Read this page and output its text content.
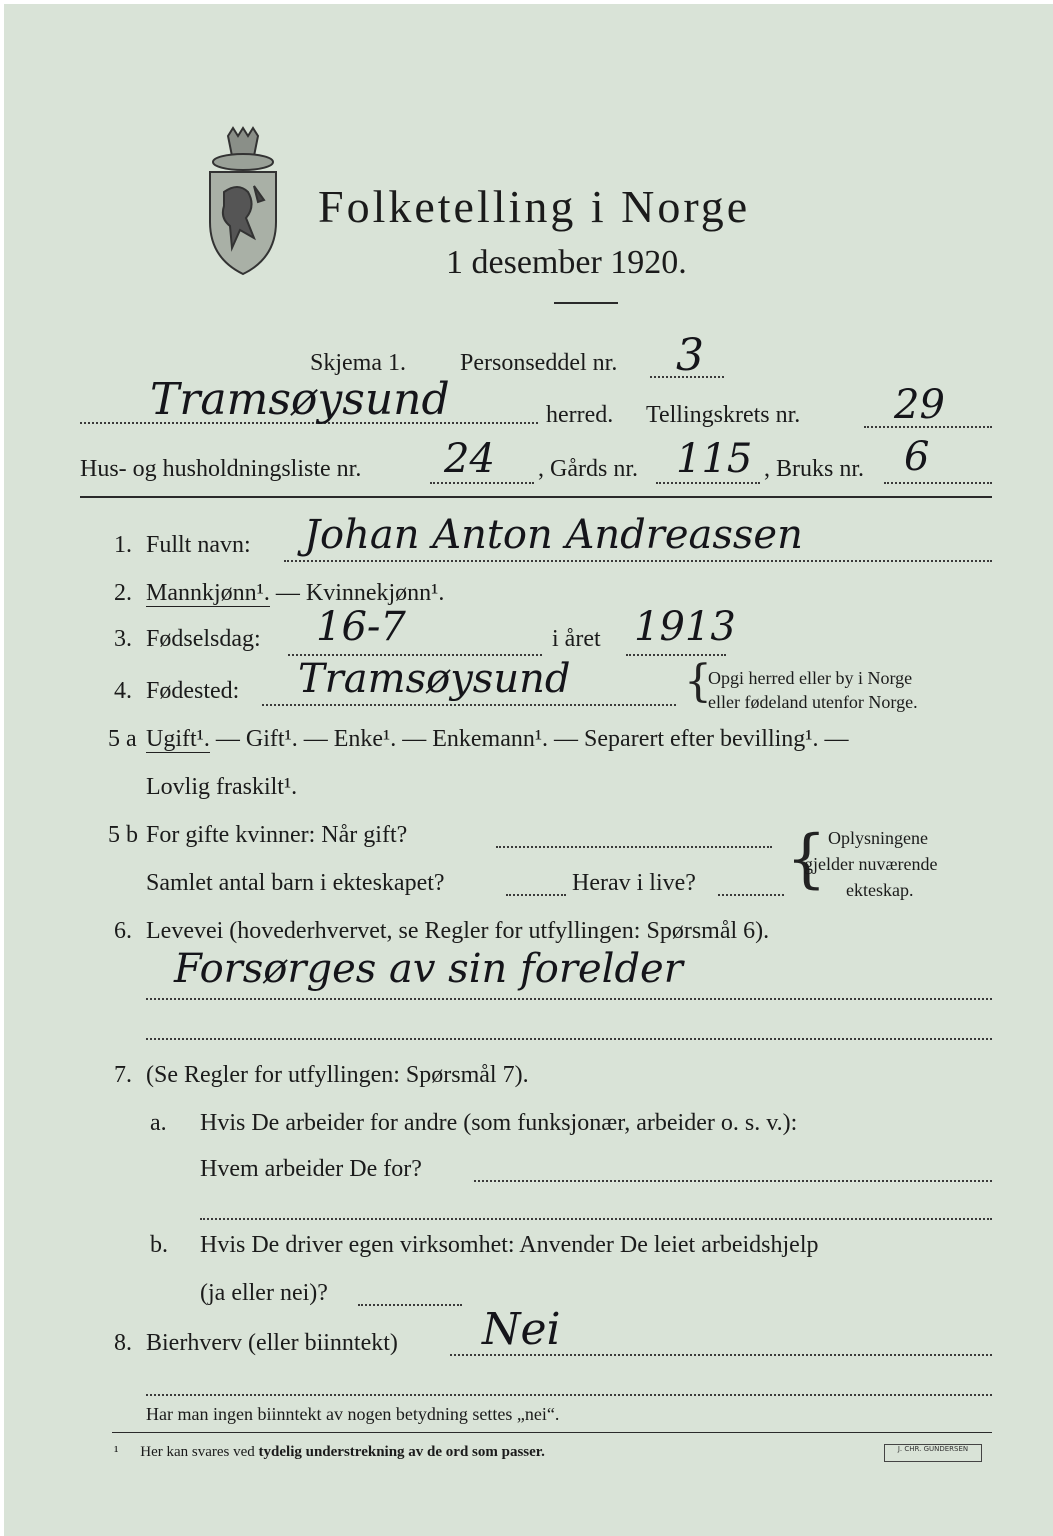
Folketelling i Norge
1 desember 1920.
Skjema 1. Personseddel nr. 3
Tramsøysund	herred. Tellingskrets nr. 29
Hus- og husholdningsliste nr. 24 , Gårds nr. 115 , Bruks nr. 6
1. Fullt navn: Johan Anton Andreassen
2. Mannkjønn¹. — Kvinnekjønn¹.
3. Fødselsdag: 16-7	i året 1913
4. Fødested: Tramsøysund	{
Opgi herred eller by i Norge
eller fødeland utenfor Norge.
5 a Ugift¹. — Gift¹. — Enke¹. — Enkemann¹. — Separert efter bevilling¹. —
Lovlig fraskilt¹.
5 b For gifte kvinner: Når gift?
Samlet antal barn i ekteskapet?	Herav i live? { Oplysningene
gjelder nuværende
ekteskap.
6. Levevei (hovederhvervet, se Regler for utfyllingen: Spørsmål 6).
Forsørges av sin forelder
7. (Se Regler for utfyllingen: Spørsmål 7).
a. Hvis De arbeider for andre (som funksjonær, arbeider o. s. v.):
Hvem arbeider De for?
b. Hvis De driver egen virksomhet: Anvender De leiet arbeidshjelp
(ja eller nei)?
8. Bierhverv (eller biinntekt) Nei
Har man ingen biinntekt av nogen betydning settes „nei“.
¹ Her kan svares ved tydelig understrekning av de ord som passer.	J. CHR. GUNDERSEN
